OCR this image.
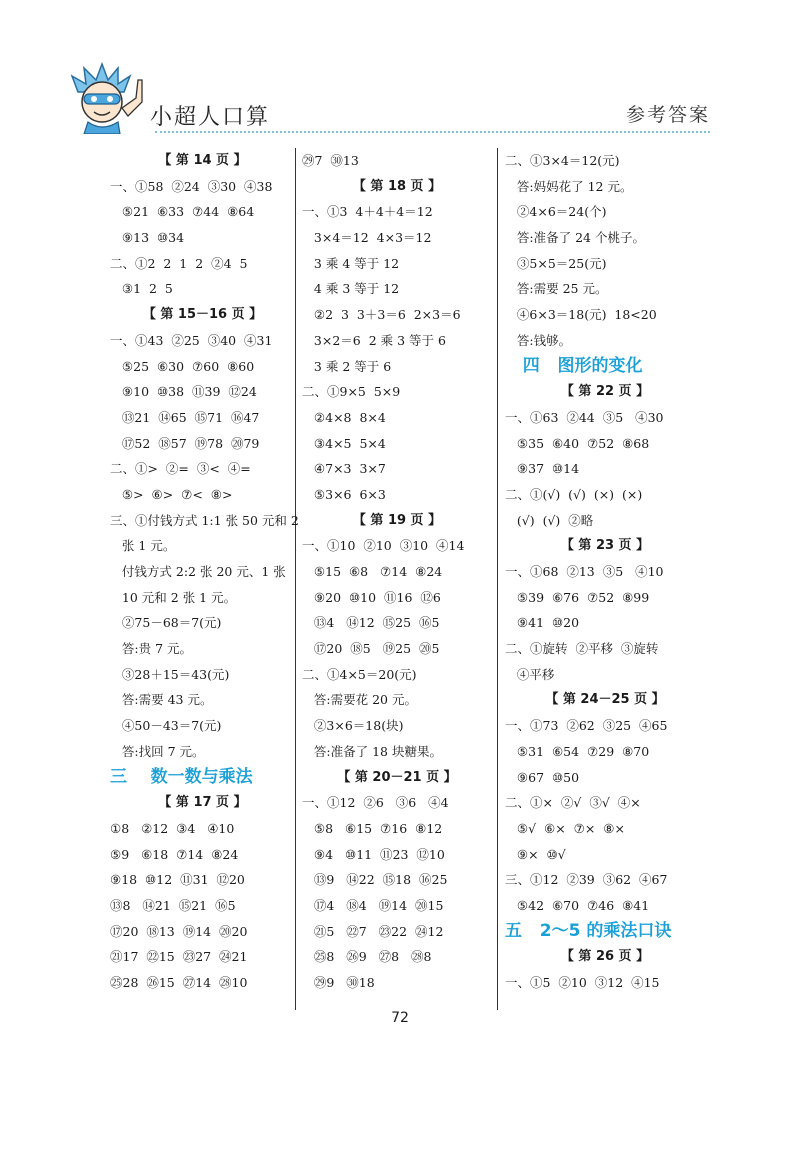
小超人口算	参考答案
【 第 14 页 】
一、①58  ②24  ③30  ④38
⑤21  ⑥33  ⑦44  ⑧64
⑨13  ⑩34
二、①2  2  1  2  ②4  5
③1  2  5
【 第 15－16 页 】
一、①43  ②25  ③40  ④31
⑤25  ⑥30  ⑦60  ⑧60
⑨10  ⑩38  ⑪39  ⑫24
⑬21  ⑭65  ⑮71  ⑯47
⑰52  ⑱57  ⑲78  ⑳79
二、①>  ②=  ③<  ④=
⑤>  ⑥>  ⑦<  ⑧>
三、①付钱方式 1:1 张 50 元和 2
张 1 元。
付钱方式 2:2 张 20 元、1 张
10 元和 2 张 1 元。
②75－68＝7(元)
答:贵 7 元。
③28＋15＝43(元)
答:需要 43 元。
④50－43＝7(元)
答:找回 7 元。
三    数一数与乘法
【 第 17 页 】
①8   ②12  ③4   ④10
⑤9   ⑥18  ⑦14  ⑧24
⑨18  ⑩12  ⑪31  ⑫20
⑬8   ⑭21  ⑮21  ⑯5
⑰20  ⑱13  ⑲14  ⑳20
㉑17  ㉒15  ㉓27  ㉔21
㉕28  ㉖15  ㉗14  ㉘10
㉙7  ㉚13
【 第 18 页 】
一、①3  4＋4＋4＝12
3×4＝12  4×3＝12
3 乘 4 等于 12
4 乘 3 等于 12
②2  3  3＋3＝6  2×3＝6
3×2＝6  2 乘 3 等于 6
3 乘 2 等于 6
二、①9×5  5×9
②4×8  8×4
③4×5  5×4
④7×3  3×7
⑤3×6  6×3
【 第 19 页 】
一、①10  ②10  ③10  ④14
⑤15  ⑥8   ⑦14  ⑧24
⑨20  ⑩10  ⑪16  ⑫6
⑬4   ⑭12  ⑮25  ⑯5
⑰20  ⑱5   ⑲25  ⑳5
二、①4×5＝20(元)
答:需要花 20 元。
②3×6＝18(块)
答:准备了 18 块糖果。
【 第 20－21 页 】
一、①12  ②6   ③6   ④4
⑤8   ⑥15  ⑦16  ⑧12
⑨4   ⑩11  ⑪23  ⑫10
⑬9   ⑭22  ⑮18  ⑯25
⑰4   ⑱4   ⑲14  ⑳15
㉑5   ㉒7   ㉓22  ㉔12
㉕8   ㉖9   ㉗8   ㉘8
㉙9   ㉚18
二、①3×4＝12(元)
答:妈妈花了 12 元。
②4×6＝24(个)
答:准备了 24 个桃子。
③5×5＝25(元)
答:需要 25 元。
④6×3＝18(元)  18<20
答:钱够。
四   图形的变化
【 第 22 页 】
一、①63  ②44  ③5   ④30
⑤35  ⑥40  ⑦52  ⑧68
⑨37  ⑩14
二、①(√)  (√)  (×)  (×)
(√)  (√)  ②略
【 第 23 页 】
一、①68  ②13  ③5   ④10
⑤39  ⑥76  ⑦52  ⑧99
⑨41  ⑩20
二、①旋转  ②平移  ③旋转
④平移
【 第 24－25 页 】
一、①73  ②62  ③25  ④65
⑤31  ⑥54  ⑦29  ⑧70
⑨67  ⑩50
二、①×  ②√  ③√  ④×
⑤√  ⑥×  ⑦×  ⑧×
⑨×  ⑩√
三、①12  ②39  ③62  ④67
⑤42  ⑥70  ⑦46  ⑧41
五   2～5 的乘法口诀
【 第 26 页 】
一、①5  ②10  ③12  ④15
72
